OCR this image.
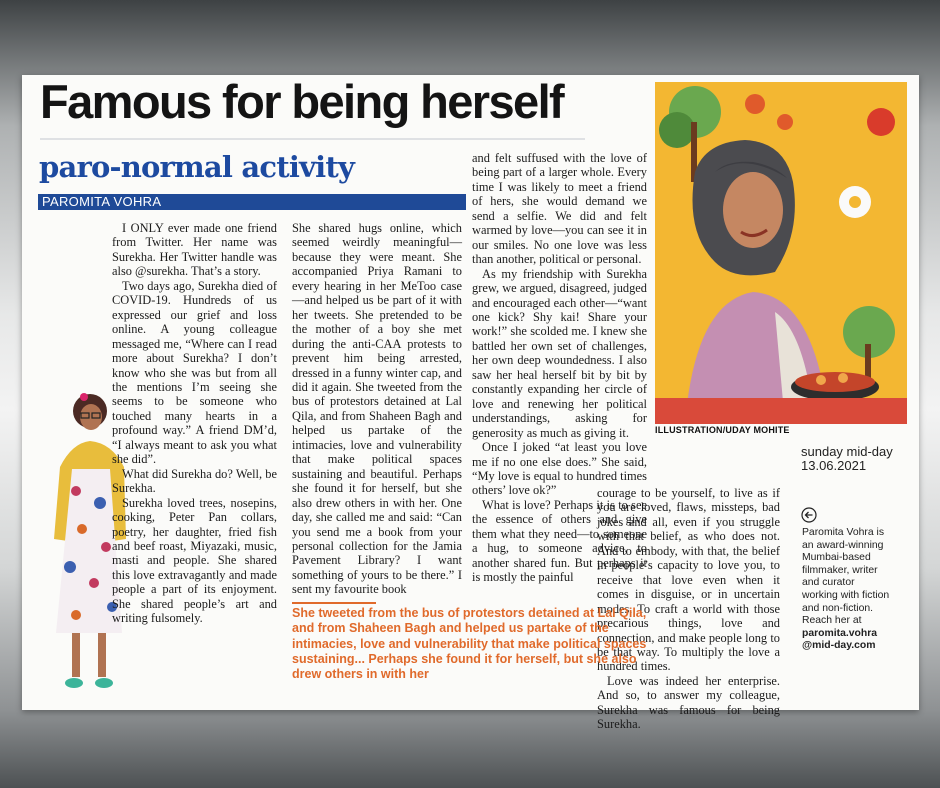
Famous for being herself
paro-normal activity
PAROMITA VOHRA

I ONLY ever made one friend from Twitter. Her name was Surekha. Her Twitter handle was also @surekha. That’s a story.

Two days ago, Surekha died of COVID-19. Hundreds of us expressed our grief and loss online. A young colleague messaged me, “Where can I read more about Surekha? I don’t know who she was but from all the mentions I’m seeing she seems to be someone who touched many hearts in a profound way.” A friend DM’d, “I always meant to ask you what she did”.

What did Surekha do? Well, be Surekha.

Surekha loved trees, nosepins, cooking, Peter Pan collars, poetry, her daughter, fried fish and beef roast, Miyazaki, music, masti and people. She shared this love extravagantly and made people a part of its enjoyment. She shared people’s art and writing fulsomely.

She shared hugs online, which seemed weirdly meaningful—because they were meant. She accompanied Priya Ramani to every hearing in her MeToo case—and helped us be part of it with her tweets. She pretended to be the mother of a boy she met during the anti-CAA protests to prevent him being arrested, dressed in a funny winter cap, and did it again. She tweeted from the bus of protestors detained at Lal Qila, and from Shaheen Bagh and helped us partake of the intimacies, love and vulnerability that make political spaces sustaining and beautiful. Perhaps she found it for herself, but she also drew others in with her. One day, she called me and said: “Can you send me a book from your personal collection for the Jamia Pavement Library? I want something of yours to be there.” I sent my favourite book

and felt suffused with the love of being part of a larger whole. Every time I was likely to meet a friend of hers, she would demand we send a selfie. We did and felt warmed by love—you can see it in our smiles. No one love was less than another, political or personal.

As my friendship with Surekha grew, we argued, disagreed, judged and encouraged each other—“want one kick? Shy kai! Share your work!” she scolded me. I knew she battled her own set of challenges, her own deep woundedness. I also saw her heal herself bit by bit by constantly expanding her circle of love and renewing her political understandings, asking for generosity as much as giving it.

Once I joked “at least you love me if no one else does.” She said, “My love is equal to hundred times others’ love ok?”

What is love? Perhaps it is to see the essence of others and give them what they need—to someone a hug, to someone advice, to another shared fun. But perhaps it is mostly the painful

courage to be yourself, to live as if you are loved, flaws, missteps, bad jokes and all, even if you struggle with that belief, as who does not. And to embody, with that, the belief in people’s capacity to love you, to receive that love even when it comes in disguise, or in uncertain modes. To craft a world with those precarious things, love and connection, and make people long to be that way. To multiply the love a hundred times.

Love was indeed her enterprise. And so, to answer my colleague, Surekha was famous for being Surekha.

She tweeted from the bus of protestors detained at Lal Qila, and from Shaheen Bagh and helped us partake of the intimacies, love and vulnerability that make political spaces sustaining... Perhaps she found it for herself, but she also drew others in with her
ILLUSTRATION/UDAY MOHITE
sunday mid-day
13.06.2021
Paromita Vohra is an award-winning Mumbai-based filmmaker, writer and curator working with fiction and non-fiction. Reach her at paromita.vohra @mid-day.com
